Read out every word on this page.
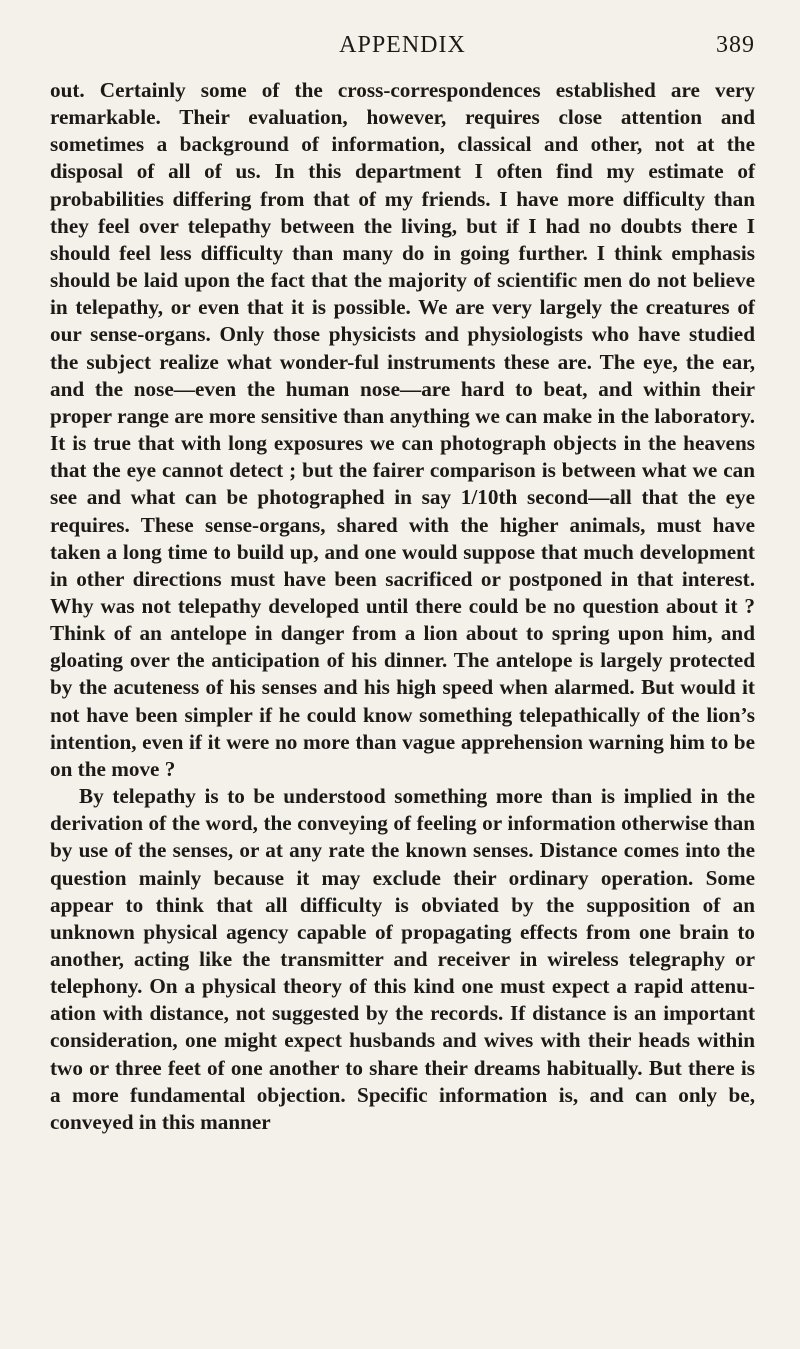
APPENDIX	389

out. Certainly some of the cross-correspondences established are very remarkable. Their evaluation, however, requires close attention and sometimes a background of information, classical and other, not at the disposal of all of us. In this department I often find my estimate of probabilities differing from that of my friends. I have more difficulty than they feel over telepathy between the living, but if I had no doubts there I should feel less difficulty than many do in going further. I think emphasis should be laid upon the fact that the majority of scientific men do not believe in telepathy, or even that it is possible. We are very largely the creatures of our sense-organs. Only those physicists and physiologists who have studied the subject realize what wonder-ful instruments these are. The eye, the ear, and the nose—even the human nose—are hard to beat, and within their proper range are more sensitive than anything we can make in the laboratory. It is true that with long exposures we can photograph objects in the heavens that the eye cannot detect ; but the fairer comparison is between what we can see and what can be photographed in say 1/10th second—all that the eye requires. These sense-organs, shared with the higher animals, must have taken a long time to build up, and one would suppose that much development in other directions must have been sacrificed or postponed in that interest. Why was not telepathy developed until there could be no question about it ? Think of an antelope in danger from a lion about to spring upon him, and gloating over the anticipation of his dinner. The antelope is largely protected by the acuteness of his senses and his high speed when alarmed. But would it not have been simpler if he could know something telepathically of the lion’s intention, even if it were no more than vague apprehension warning him to be on the move ?

By telepathy is to be understood something more than is implied in the derivation of the word, the conveying of feeling or information otherwise than by use of the senses, or at any rate the known senses. Distance comes into the question mainly because it may exclude their ordinary operation. Some appear to think that all difficulty is obviated by the supposition of an unknown physical agency capable of propagating effects from one brain to another, acting like the transmitter and receiver in wireless telegraphy or telephony. On a physical theory of this kind one must expect a rapid attenu-ation with distance, not suggested by the records. If distance is an important consideration, one might expect husbands and wives with their heads within two or three feet of one another to share their dreams habitually. But there is a more fundamental objection. Specific information is, and can only be, conveyed in this manner
